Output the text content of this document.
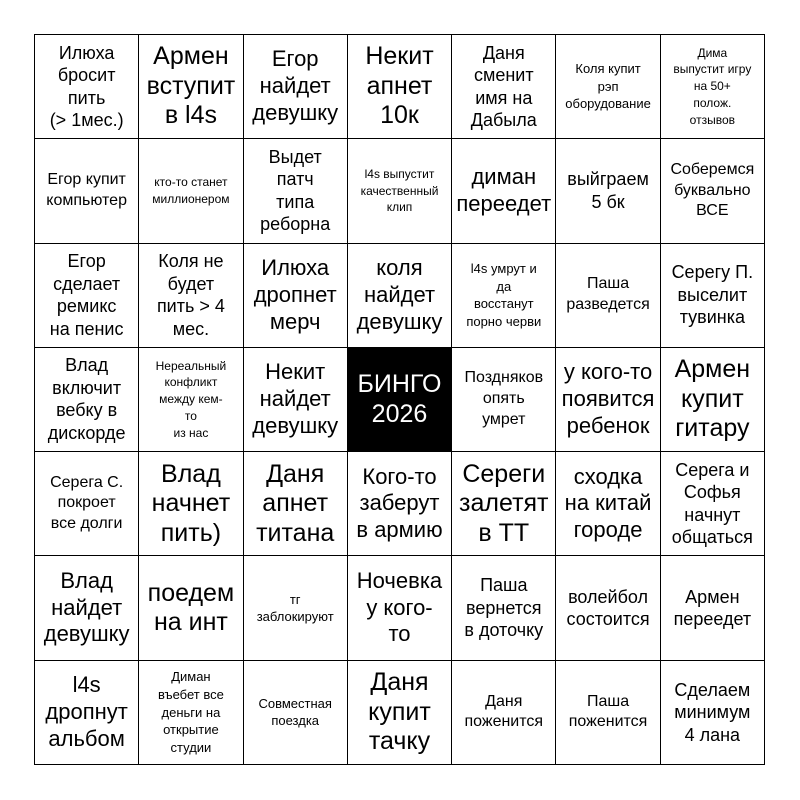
Илюха
бросит
пить
(> 1мес.)
Армен
вступит
в l4s
Егор
найдет
девушку
Некит
апнет
10к
Даня
сменит
имя на
Дабыла
Коля купит
рэп
оборудование
Дима
выпустит игру
на 50+
полож.
отзывов
Егор купит
компьютер
кто-то станет
миллионером
Выдет
патч
типа
реборна
l4s выпустит
качественный
клип
диман
переедет
выйграем
5 бк
Соберемся
буквально
ВСЕ
Егор
сделает
ремикс
на пенис
Коля не
будет
пить > 4
мес.
Илюха
дропнет
мерч
коля
найдет
девушку
l4s умрут и
да
восстанут
порно черви
Паша
разведется
Серегу П.
выселит
тувинка
Влад
включит
вебку в
дискорде
Нереальный
конфликт
между кем-
то
из нас
Некит
найдет
девушку
БИНГО
2026
Поздняков
опять
умрет
у кого-то
появится
ребенок
Армен
купит
гитару
Серега С.
покроет
все долги
Влад
начнет
пить)
Даня
апнет
титана
Кого-то
заберут
в армию
Сереги
залетят
в ТТ
сходка
на китай
городе
Серега и
Софья
начнут
общаться
Влад
найдет
девушку
поедем
на инт
тг
заблокируют
Ночевка
у кого-
то
Паша
вернется
в доточку
волейбол
состоится
Армен
переедет
l4s
дропнут
альбом
Диман
въебет все
деньги на
открытие
студии
Совместная
поездка
Даня
купит
тачку
Даня
поженится
Паша
поженится
Сделаем
минимум
4 лана
